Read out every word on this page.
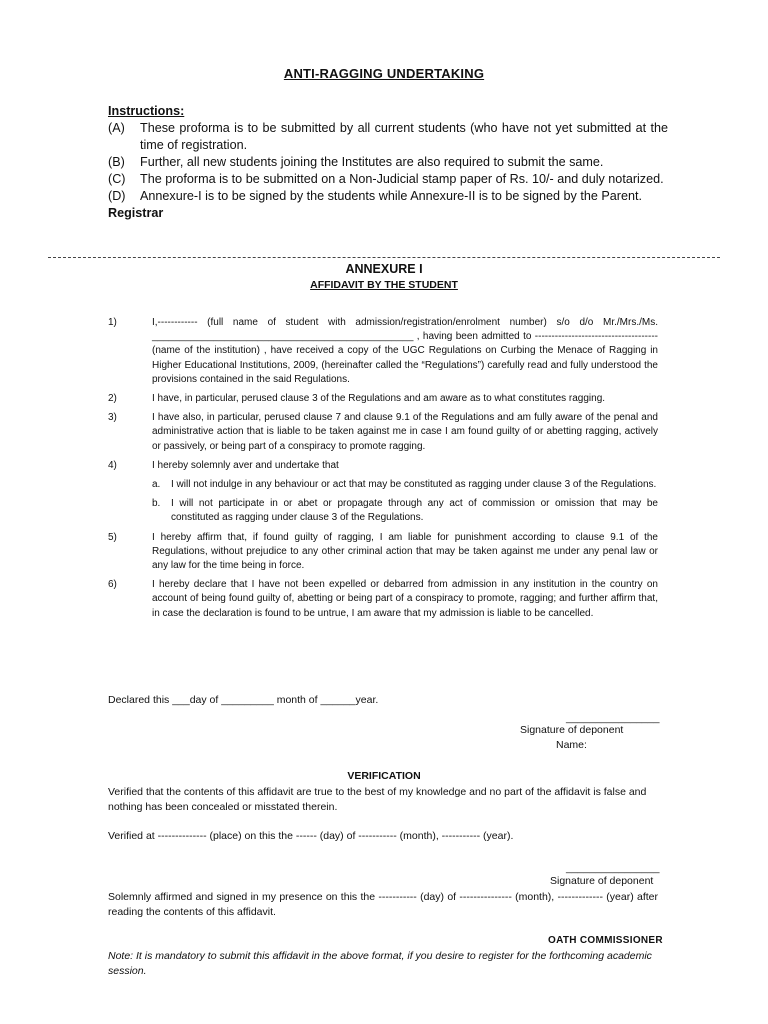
ANTI-RAGGING UNDERTAKING
Instructions:
(A)	These proforma is to be submitted by all current students (who have not yet submitted at the time of registration.
(B)	Further, all new students joining the Institutes are also required to submit the same.
(C)	The proforma is to be submitted on a Non-Judicial stamp paper of Rs. 10/- and duly notarized.
(D)	Annexure-I is to be signed by the students while Annexure-II is to be signed by the Parent.
Registrar
ANNEXURE I
AFFIDAVIT BY THE STUDENT
1)	I,------------ (full name of student with admission/registration/enrolment number) s/o d/o Mr./Mrs./Ms. _______________________________________________ , having been admitted to -------------------------------------(name of the institution) , have received a copy of the UGC Regulations on Curbing the Menace of Ragging in Higher Educational Institutions, 2009, (hereinafter called the “Regulations”) carefully read and fully understood the provisions contained in the said Regulations.
2)	I have, in particular, perused clause 3 of the Regulations and am aware as to what constitutes ragging.
3)	I have also, in particular, perused clause 7 and clause 9.1 of the Regulations and am fully aware of the penal and administrative action that is liable to be taken against me in case I am found guilty of or abetting ragging, actively or passively, or being part of a conspiracy to promote ragging.
4)	I hereby solemnly aver and undertake that
a.	I will not indulge in any behaviour or act that may be constituted as ragging under clause 3 of the Regulations.
b.	I will not participate in or abet or propagate through any act of commission or omission that may be constituted as ragging under clause 3 of the Regulations.
5)	I hereby affirm that, if found guilty of ragging, I am liable for punishment according to clause 9.1 of the Regulations, without prejudice to any other criminal action that may be taken against me under any penal law or any law for the time being in force.
6)	I hereby declare that I have not been expelled or debarred from admission in any institution in the country on account of being found guilty of, abetting or being part of a conspiracy to promote, ragging; and further affirm that, in case the declaration is found to be untrue, I am aware that my admission is liable to be cancelled.
Declared this ___day of _________ month of ______year.
________________
Signature of deponent
Name:
VERIFICATION
Verified that the contents of this affidavit are true to the best of my knowledge and no part of the affidavit is false and nothing has been concealed or misstated therein.
Verified at -------------- (place) on this the ------ (day) of ----------- (month), ----------- (year).
________________
Signature of deponent
Solemnly affirmed and signed in my presence on this the ----------- (day) of --------------- (month), ------------- (year) after reading the contents of this affidavit.
OATH COMMISSIONER
Note: It is mandatory to submit this affidavit in the above format, if you desire to register for the forthcoming academic session.
